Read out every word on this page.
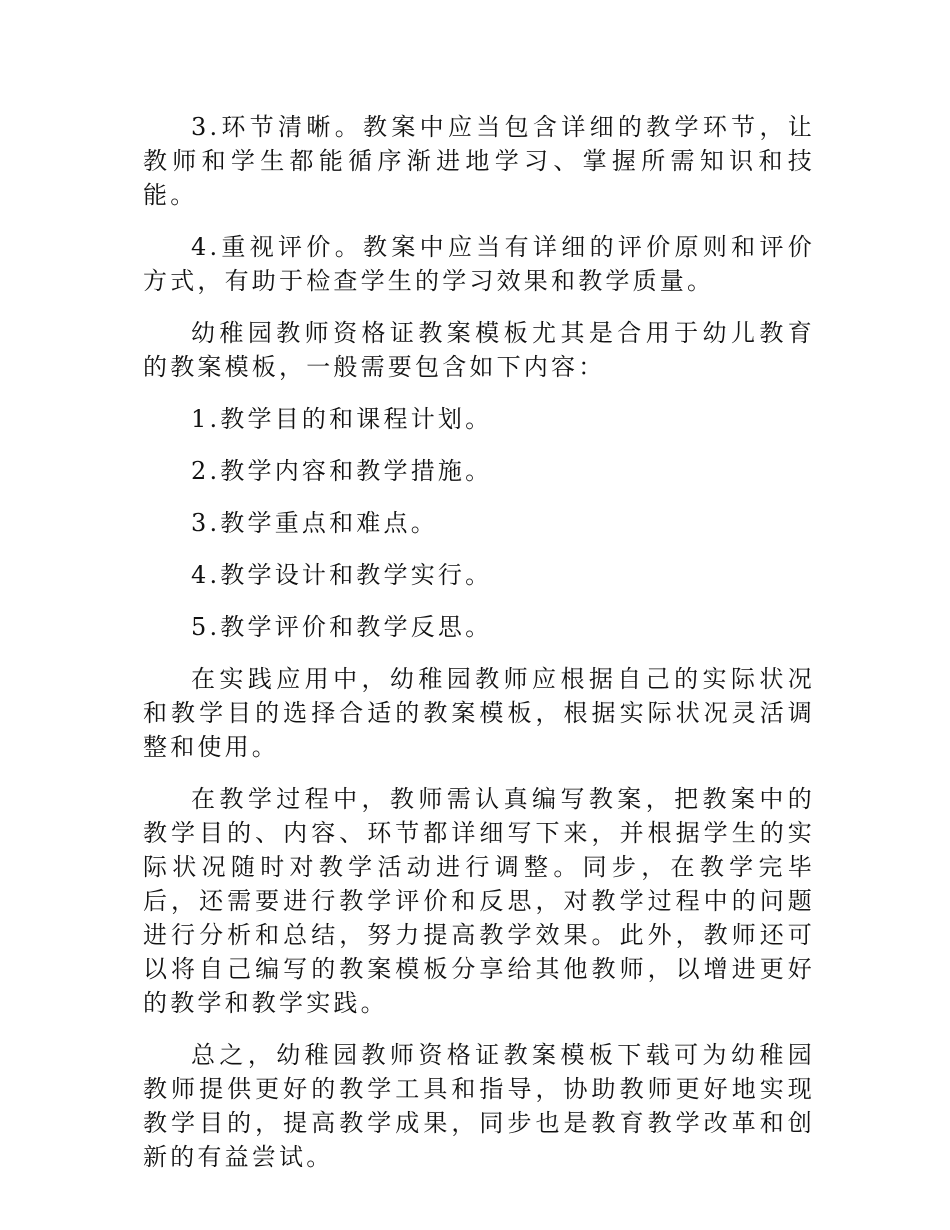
3.环节清晰。教案中应当包含详细的教学环节，让教师和学生都能循序渐进地学习、掌握所需知识和技能。

4.重视评价。教案中应当有详细的评价原则和评价方式，有助于检查学生的学习效果和教学质量。

幼稚园教师资格证教案模板尤其是合用于幼儿教育的教案模板，一般需要包含如下内容：

1.教学目的和课程计划。

2.教学内容和教学措施。

3.教学重点和难点。

4.教学设计和教学实行。

5.教学评价和教学反思。

在实践应用中，幼稚园教师应根据自己的实际状况和教学目的选择合适的教案模板，根据实际状况灵活调整和使用。

在教学过程中，教师需认真编写教案，把教案中的教学目的、内容、环节都详细写下来，并根据学生的实际状况随时对教学活动进行调整。同步，在教学完毕后，还需要进行教学评价和反思，对教学过程中的问题进行分析和总结，努力提高教学效果。此外，教师还可以将自己编写的教案模板分享给其他教师，以增进更好的教学和教学实践。

总之，幼稚园教师资格证教案模板下载可为幼稚园教师提供更好的教学工具和指导，协助教师更好地实现教学目的，提高教学成果，同步也是教育教学改革和创新的有益尝试。
